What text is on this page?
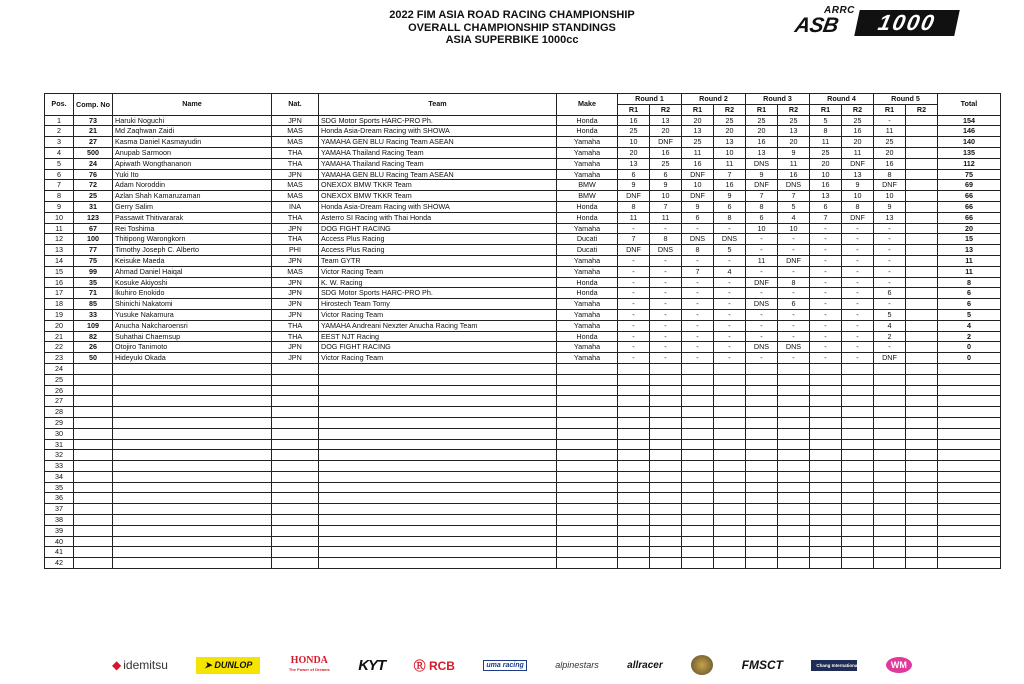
2022 FIM ASIA ROAD RACING CHAMPIONSHIP
OVERALL CHAMPIONSHIP STANDINGS
ASIA SUPERBIKE 1000cc
ARRC
ASB	1000
Pos.	Comp. No	Name	Nat.	Team	Make	Round 1		Round 2		Round 3		Round 4		Round 5		Total
						R1	R2	R1	R2	R1	R2	R1	R2	R1	R2	
1	73	Haruki Noguchi	JPN	SDG Motor Sports HARC-PRO Ph.	Honda	16	13	20	25	25	25	5	25	-		154
2	21	Md Zaqhwan Zaidi	MAS	Honda Asia-Dream Racing with SHOWA	Honda	25	20	13	20	20	13	8	16	11		146
3	27	Kasma Daniel Kasmayudin	MAS	YAMAHA GEN BLU Racing Team ASEAN	Yamaha	10	DNF	25	13	16	20	11	20	25		140
4	500	Anupab Sarmoon	THA	YAMAHA Thailand Racing Team	Yamaha	20	16	11	10	13	9	25	11	20		135
5	24	Apiwath Wongthananon	THA	YAMAHA Thailand Racing Team	Yamaha	13	25	16	11	DNS	11	20	DNF	16		112
6	76	Yuki Ito	JPN	YAMAHA GEN BLU Racing Team ASEAN	Yamaha	6	6	DNF	7	9	16	10	13	8		75
7	72	Adam Noroddin	MAS	ONEXOX BMW TKKR Team	BMW	9	9	10	16	DNF	DNS	16	9	DNF		69
8	25	Azlan Shah Kamaruzaman	MAS	ONEXOX BMW TKKR Team	BMW	DNF	10	DNF	9	7	7	13	10	10		66
9	31	Gerry Salim	INA	Honda Asia-Dream Racing with SHOWA	Honda	8	7	9	6	8	5	6	8	9		66
10	123	Passawit Thitivararak	THA	Asterro SI Racing with Thai Honda	Honda	11	11	6	8	6	4	7	DNF	13		66
11	67	Rei Toshima	JPN	DOG FIGHT RACING	Yamaha	-	-	-	-	10	10	-	-	-		20
12	100	Thitipong Warongkorn	THA	Access Plus Racing	Ducati	7	8	DNS	DNS	-	-	-	-	-		15
13	77	Timothy Joseph C. Alberto	PHI	Access Plus Racing	Ducati	DNF	DNS	8	5	-	-	-	-	-		13
14	75	Keisuke Maeda	JPN	Team GYTR	Yamaha	-	-	-	-	11	DNF	-	-	-		11
15	99	Ahmad Daniel Haiqal	MAS	Victor Racing Team	Yamaha	-	-	7	4	-	-	-	-	-		11
16	35	Kosuke Akiyoshi	JPN	K. W. Racing	Honda	-	-	-	-	DNF	8	-	-	-		8
17	71	Ikuhiro Enokido	JPN	SDG Motor Sports HARC-PRO Ph.	Honda	-	-	-	-	-	-	-	-	6		6
18	85	Shinichi Nakatomi	JPN	Hirostech Team Tomy	Yamaha	-	-	-	-	DNS	6	-	-	-		6
19	33	Yusuke Nakamura	JPN	Victor Racing Team	Yamaha	-	-	-	-	-	-	-	-	5		5
20	109	Anucha Nakcharoensri	THA	YAMAHA Andreani Nexzter Anucha Racing Team	Yamaha	-	-	-	-	-	-	-	-	4		4
21	82	Suhathai Chaemsup	THA	EEST NJT Racing	Honda	-	-	-	-	-	-	-	-	2		2
22	26	Otojiro Tanimoto	JPN	DOG FIGHT RACING	Yamaha	-	-	-	-	DNS	DNS	-	-	-		0
23	50	Hideyuki Okada	JPN	Victor Racing Team	Yamaha	-	-	-	-	-	-	-	-	DNF		0
24																
25																
26																
27																
28																
29																
30																
31																
32																
33																
34																
35																
36																
37																
38																
39																
40																
41																
42																
◆ idemitsu	➤ DUNLOP	HONDA
The Power of Dreams KYT Ⓡ RCB	uma racing	alpinestars	allracer	FMSCT	Chang International Circuit	WM
